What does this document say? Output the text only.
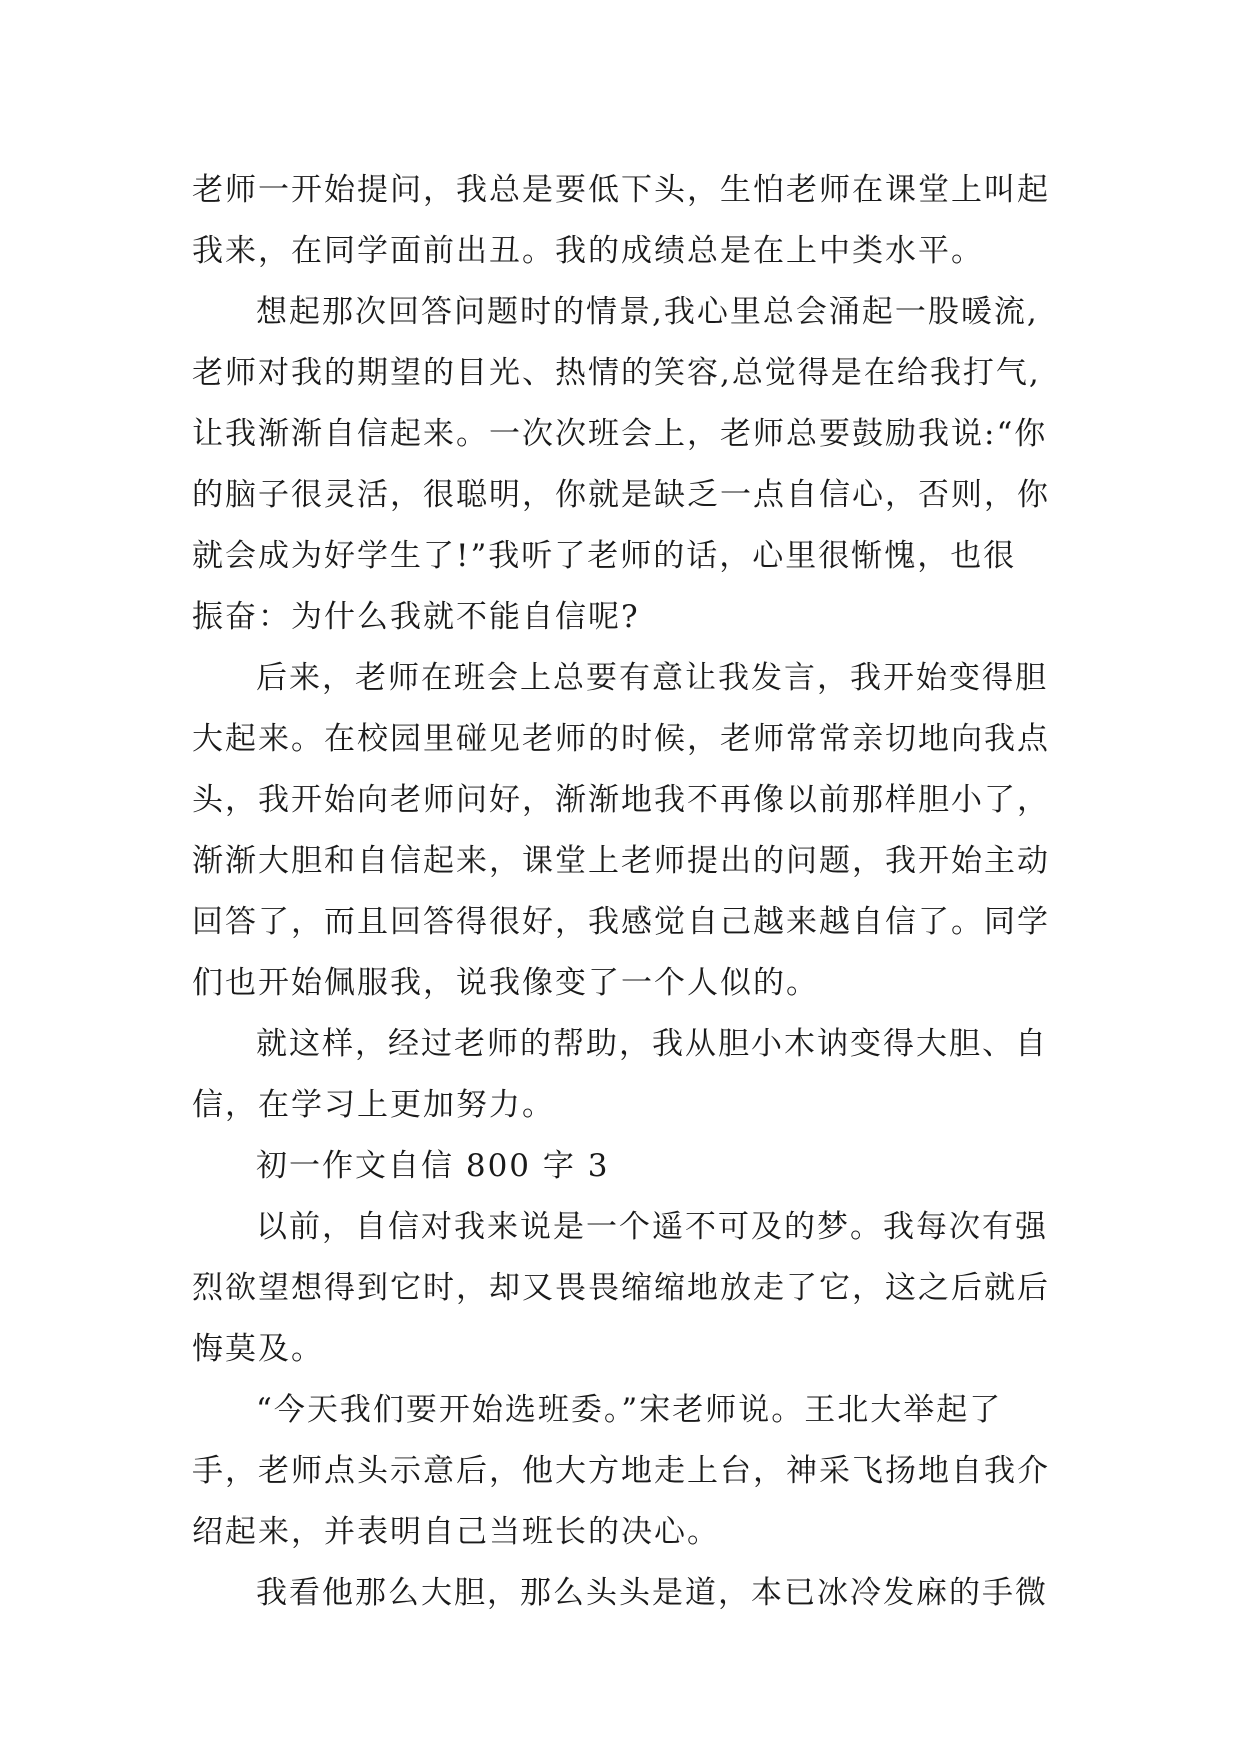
老师一开始提问，我总是要低下头，生怕老师在课堂上叫起
我来，在同学面前出丑。我的成绩总是在上中类水平。
想起那次回答问题时的情景,我心里总会涌起一股暖流,
老师对我的期望的目光、热情的笑容,总觉得是在给我打气,
让我渐渐自信起来。一次次班会上，老师总要鼓励我说:“你
的脑子很灵活，很聪明，你就是缺乏一点自信心，否则，你
就会成为好学生了!”我听了老师的话，心里很惭愧，也很
振奋：为什么我就不能自信呢?
后来，老师在班会上总要有意让我发言，我开始变得胆
大起来。在校园里碰见老师的时候，老师常常亲切地向我点
头，我开始向老师问好，渐渐地我不再像以前那样胆小了，
渐渐大胆和自信起来，课堂上老师提出的问题，我开始主动
回答了，而且回答得很好，我感觉自己越来越自信了。同学
们也开始佩服我，说我像变了一个人似的。
就这样，经过老师的帮助，我从胆小木讷变得大胆、自
信，在学习上更加努力。
初一作文自信 800 字 3
以前，自信对我来说是一个遥不可及的梦。我每次有强
烈欲望想得到它时，却又畏畏缩缩地放走了它，这之后就后
悔莫及。
“今天我们要开始选班委。”宋老师说。王北大举起了
手，老师点头示意后，他大方地走上台，神采飞扬地自我介
绍起来，并表明自己当班长的决心。
我看他那么大胆，那么头头是道，本已冰冷发麻的手微
